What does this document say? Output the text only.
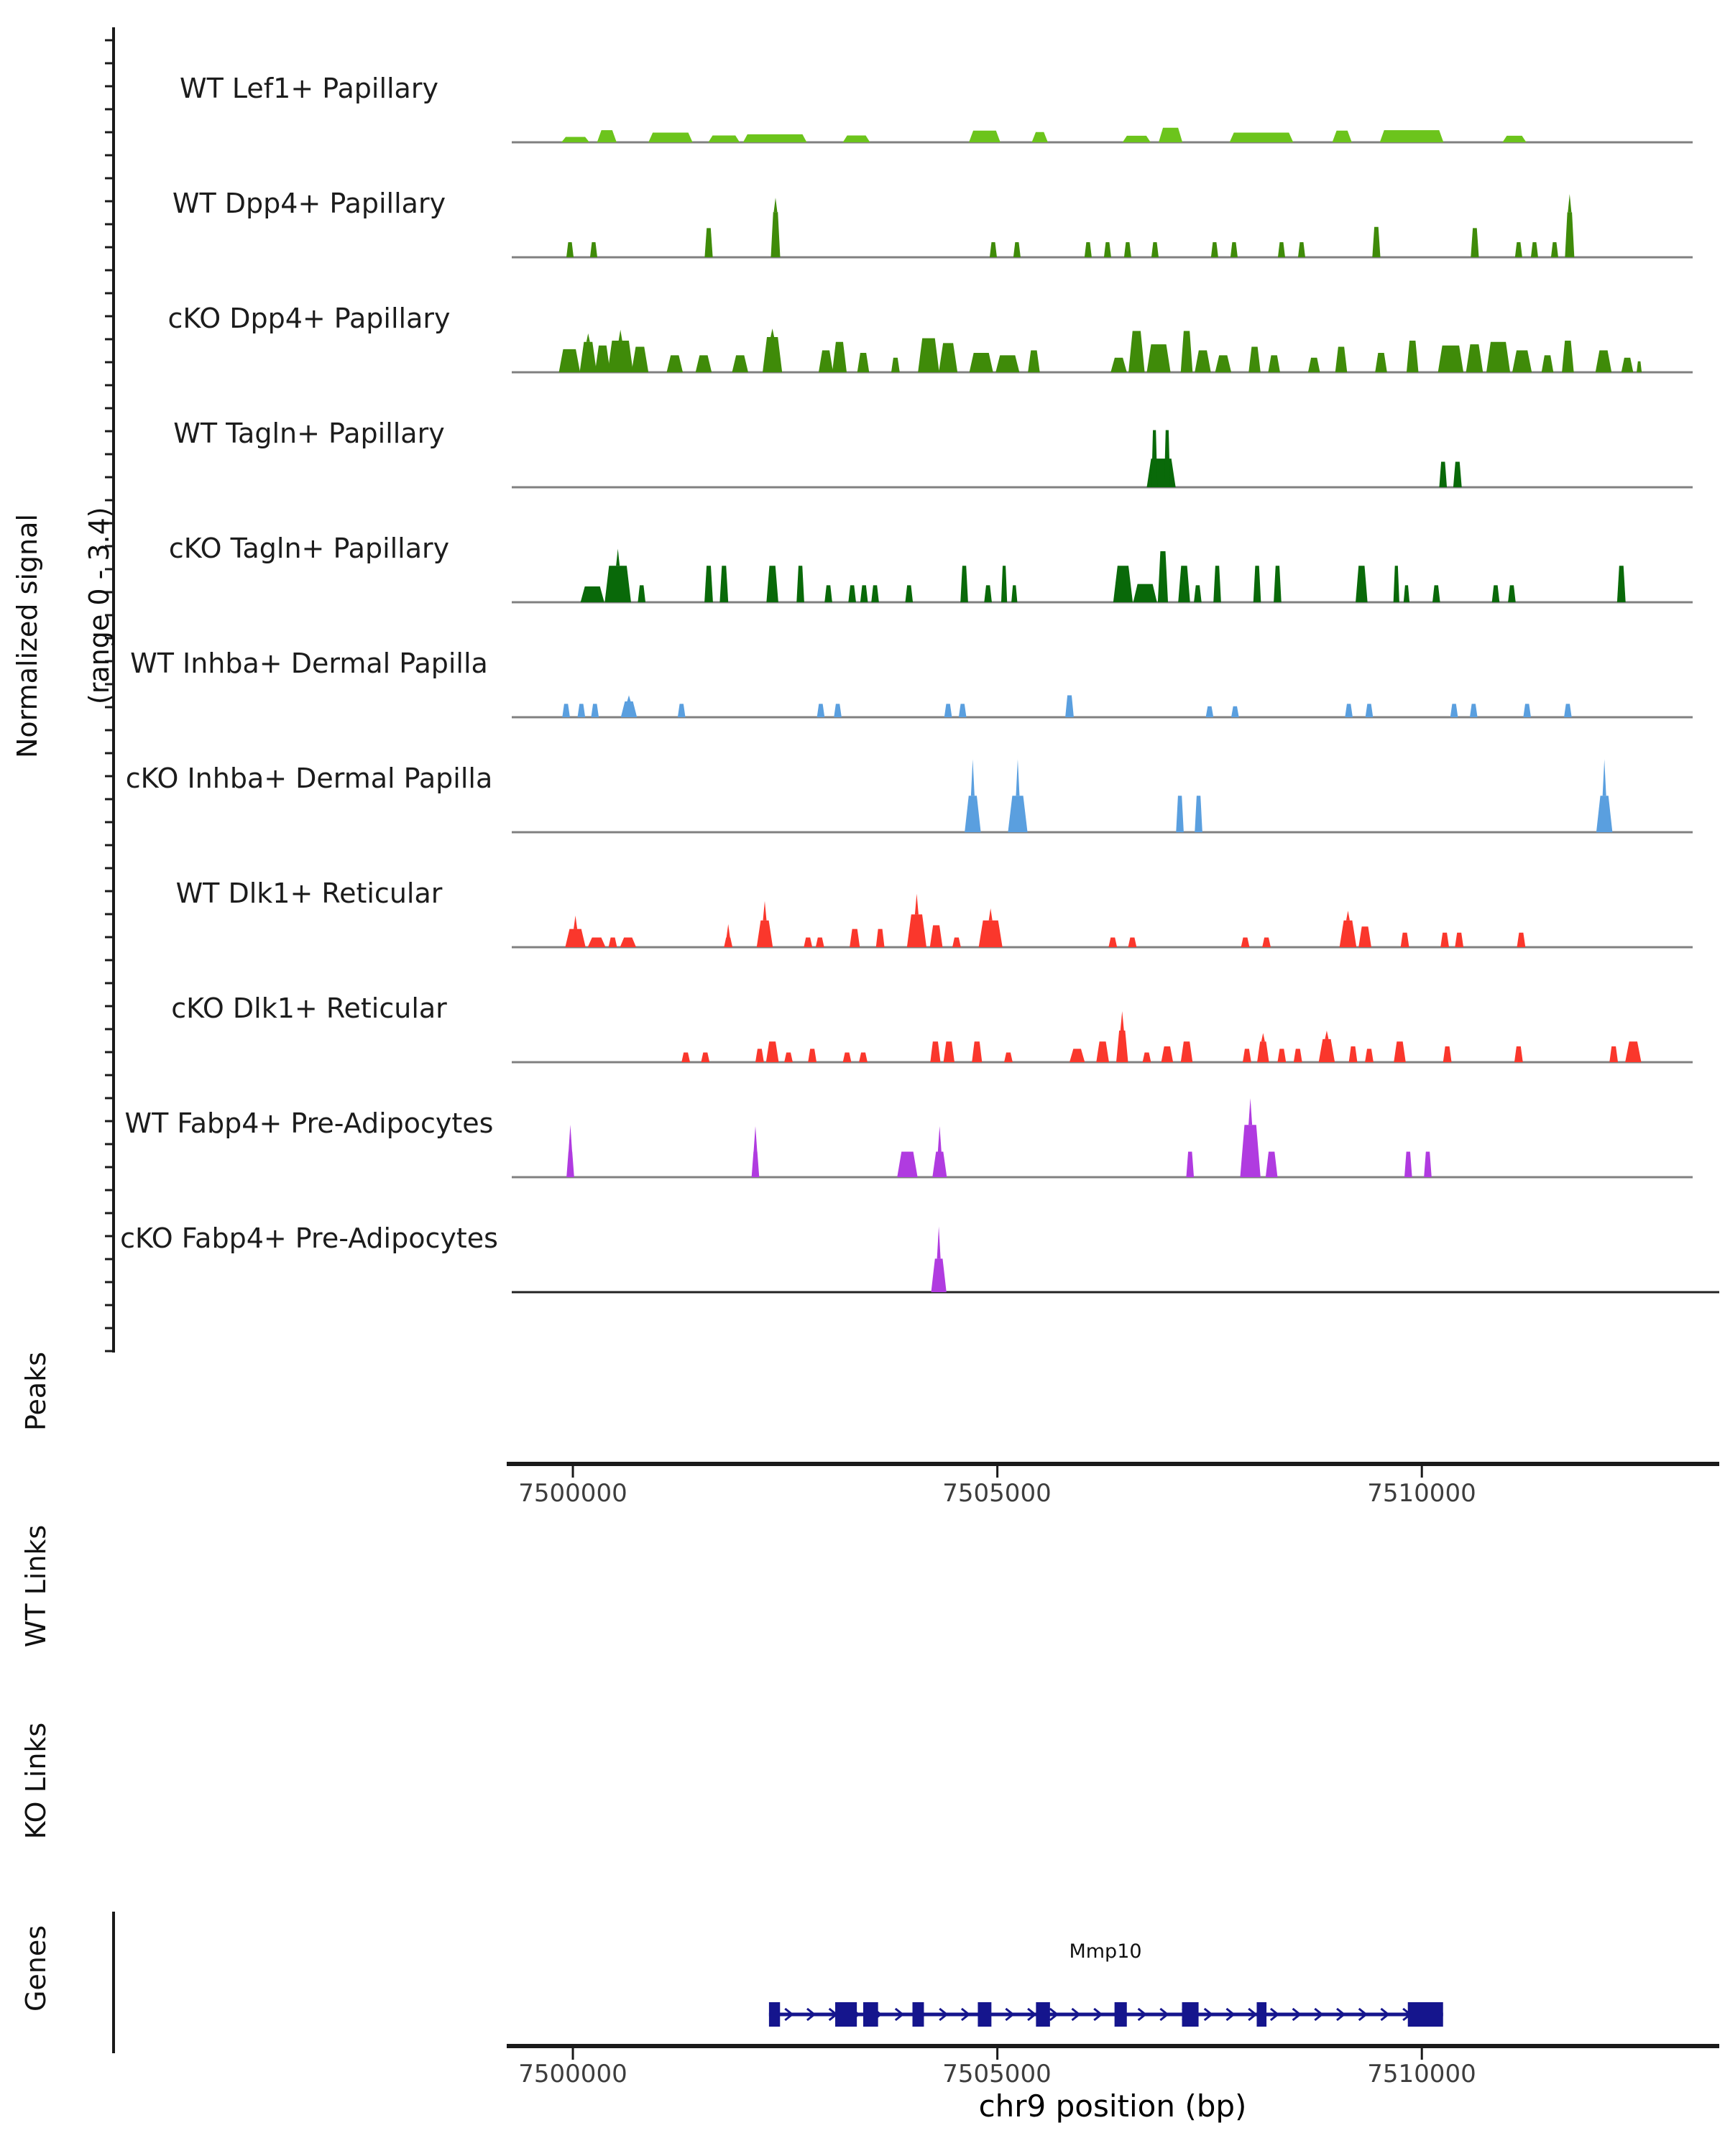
Normalized signal (range 0 - 3.4)
Peaks
WT Links
KO Links
Genes
WT Lef1+ Papillary
WT Dpp4+ Papillary
cKO Dpp4+ Papillary
WT Tagln+ Papillary
cKO Tagln+ Papillary
WT Inhba+ Dermal Papilla
cKO Inhba+ Dermal Papilla
WT Dlk1+ Reticular
cKO Dlk1+ Reticular
WT Fabp4+ Pre-Adipocytes
cKO Fabp4+ Pre-Adipocytes
7500000	7505000	7510000
Mmp10
7500000	7505000	7510000
chr9 position (bp)
